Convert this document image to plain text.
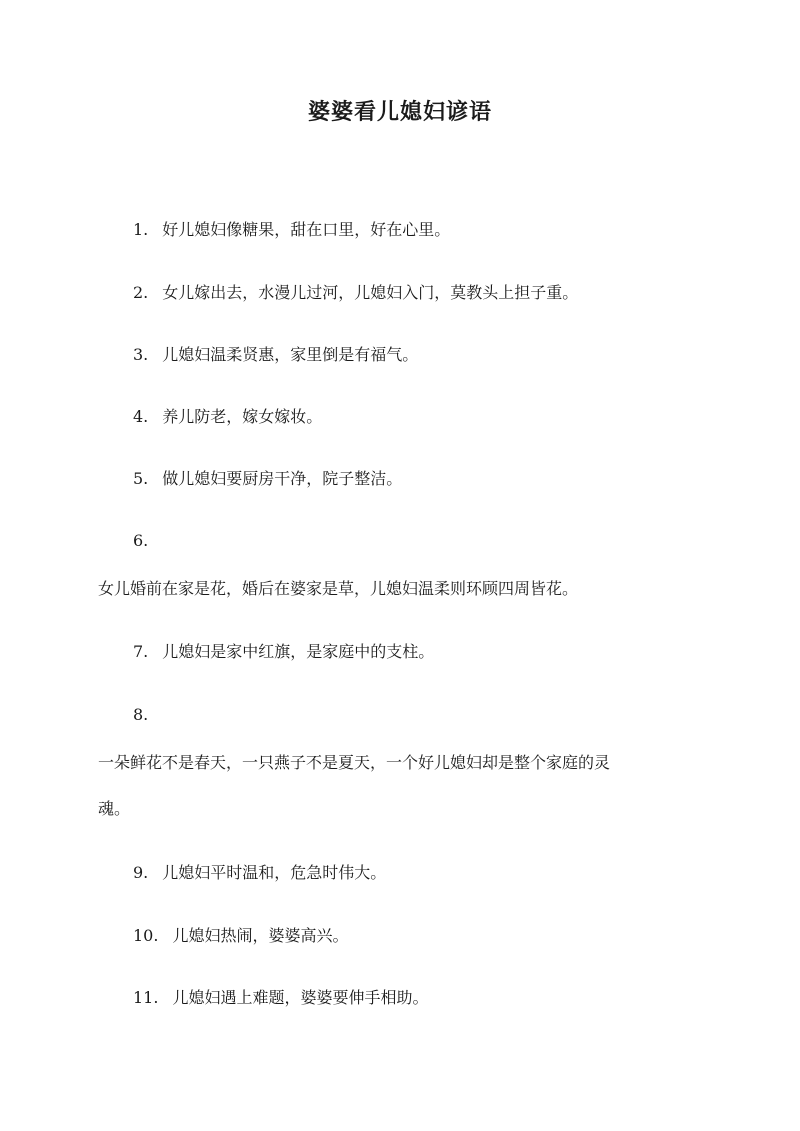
婆婆看儿媳妇谚语

1. 好儿媳妇像糖果，甜在口里，好在心里。

2. 女儿嫁出去，水漫儿过河，儿媳妇入门，莫教头上担子重。

3. 儿媳妇温柔贤惠，家里倒是有福气。

4. 养儿防老，嫁女嫁妆。

5. 做儿媳妇要厨房干净，院子整洁。

6.

女儿婚前在家是花，婚后在婆家是草，儿媳妇温柔则环顾四周皆花。

7. 儿媳妇是家中红旗，是家庭中的支柱。

8.

一朵鲜花不是春天，一只燕子不是夏天，一个好儿媳妇却是整个家庭的灵

魂。

9. 儿媳妇平时温和，危急时伟大。

10. 儿媳妇热闹，婆婆高兴。

11. 儿媳妇遇上难题，婆婆要伸手相助。
